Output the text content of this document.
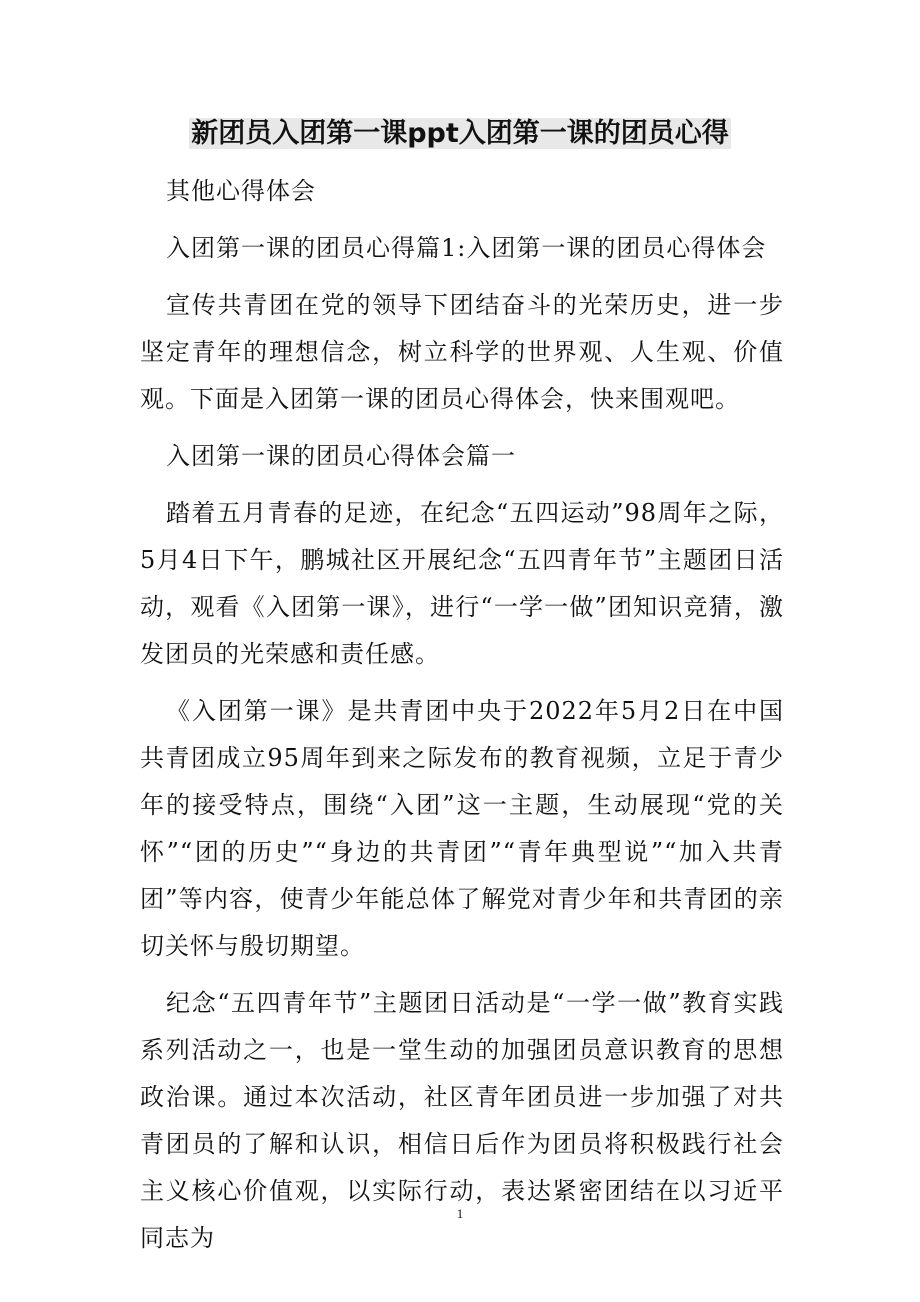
新团员入团第一课ppt入团第一课的团员心得

其他心得体会

入团第一课的团员心得篇1:入团第一课的团员心得体会

宣传共青团在党的领导下团结奋斗的光荣历史，进一步坚定青年的理想信念，树立科学的世界观、人生观、价值观。下面是入团第一课的团员心得体会，快来围观吧。

入团第一课的团员心得体会篇一

踏着五月青春的足迹，在纪念“五四运动”98周年之际，5月4日下午，鹏城社区开展纪念“五四青年节”主题团日活动，观看《入团第一课》，进行“一学一做”团知识竞猜，激发团员的光荣感和责任感。

《入团第一课》是共青团中央于2022年5月2日在中国共青团成立95周年到来之际发布的教育视频，立足于青少年的接受特点，围绕“入团”这一主题，生动展现“党的关怀”“团的历史”“身边的共青团”“青年典型说”“加入共青团”等内容，使青少年能总体了解党对青少年和共青团的亲切关怀与殷切期望。

纪念“五四青年节”主题团日活动是“一学一做”教育实践系列活动之一，也是一堂生动的加强团员意识教育的思想政治课。通过本次活动，社区青年团员进一步加强了对共青团员的了解和认识，相信日后作为团员将积极践行社会主义核心价值观，以实际行动，表达紧密团结在以习近平同志为

1
